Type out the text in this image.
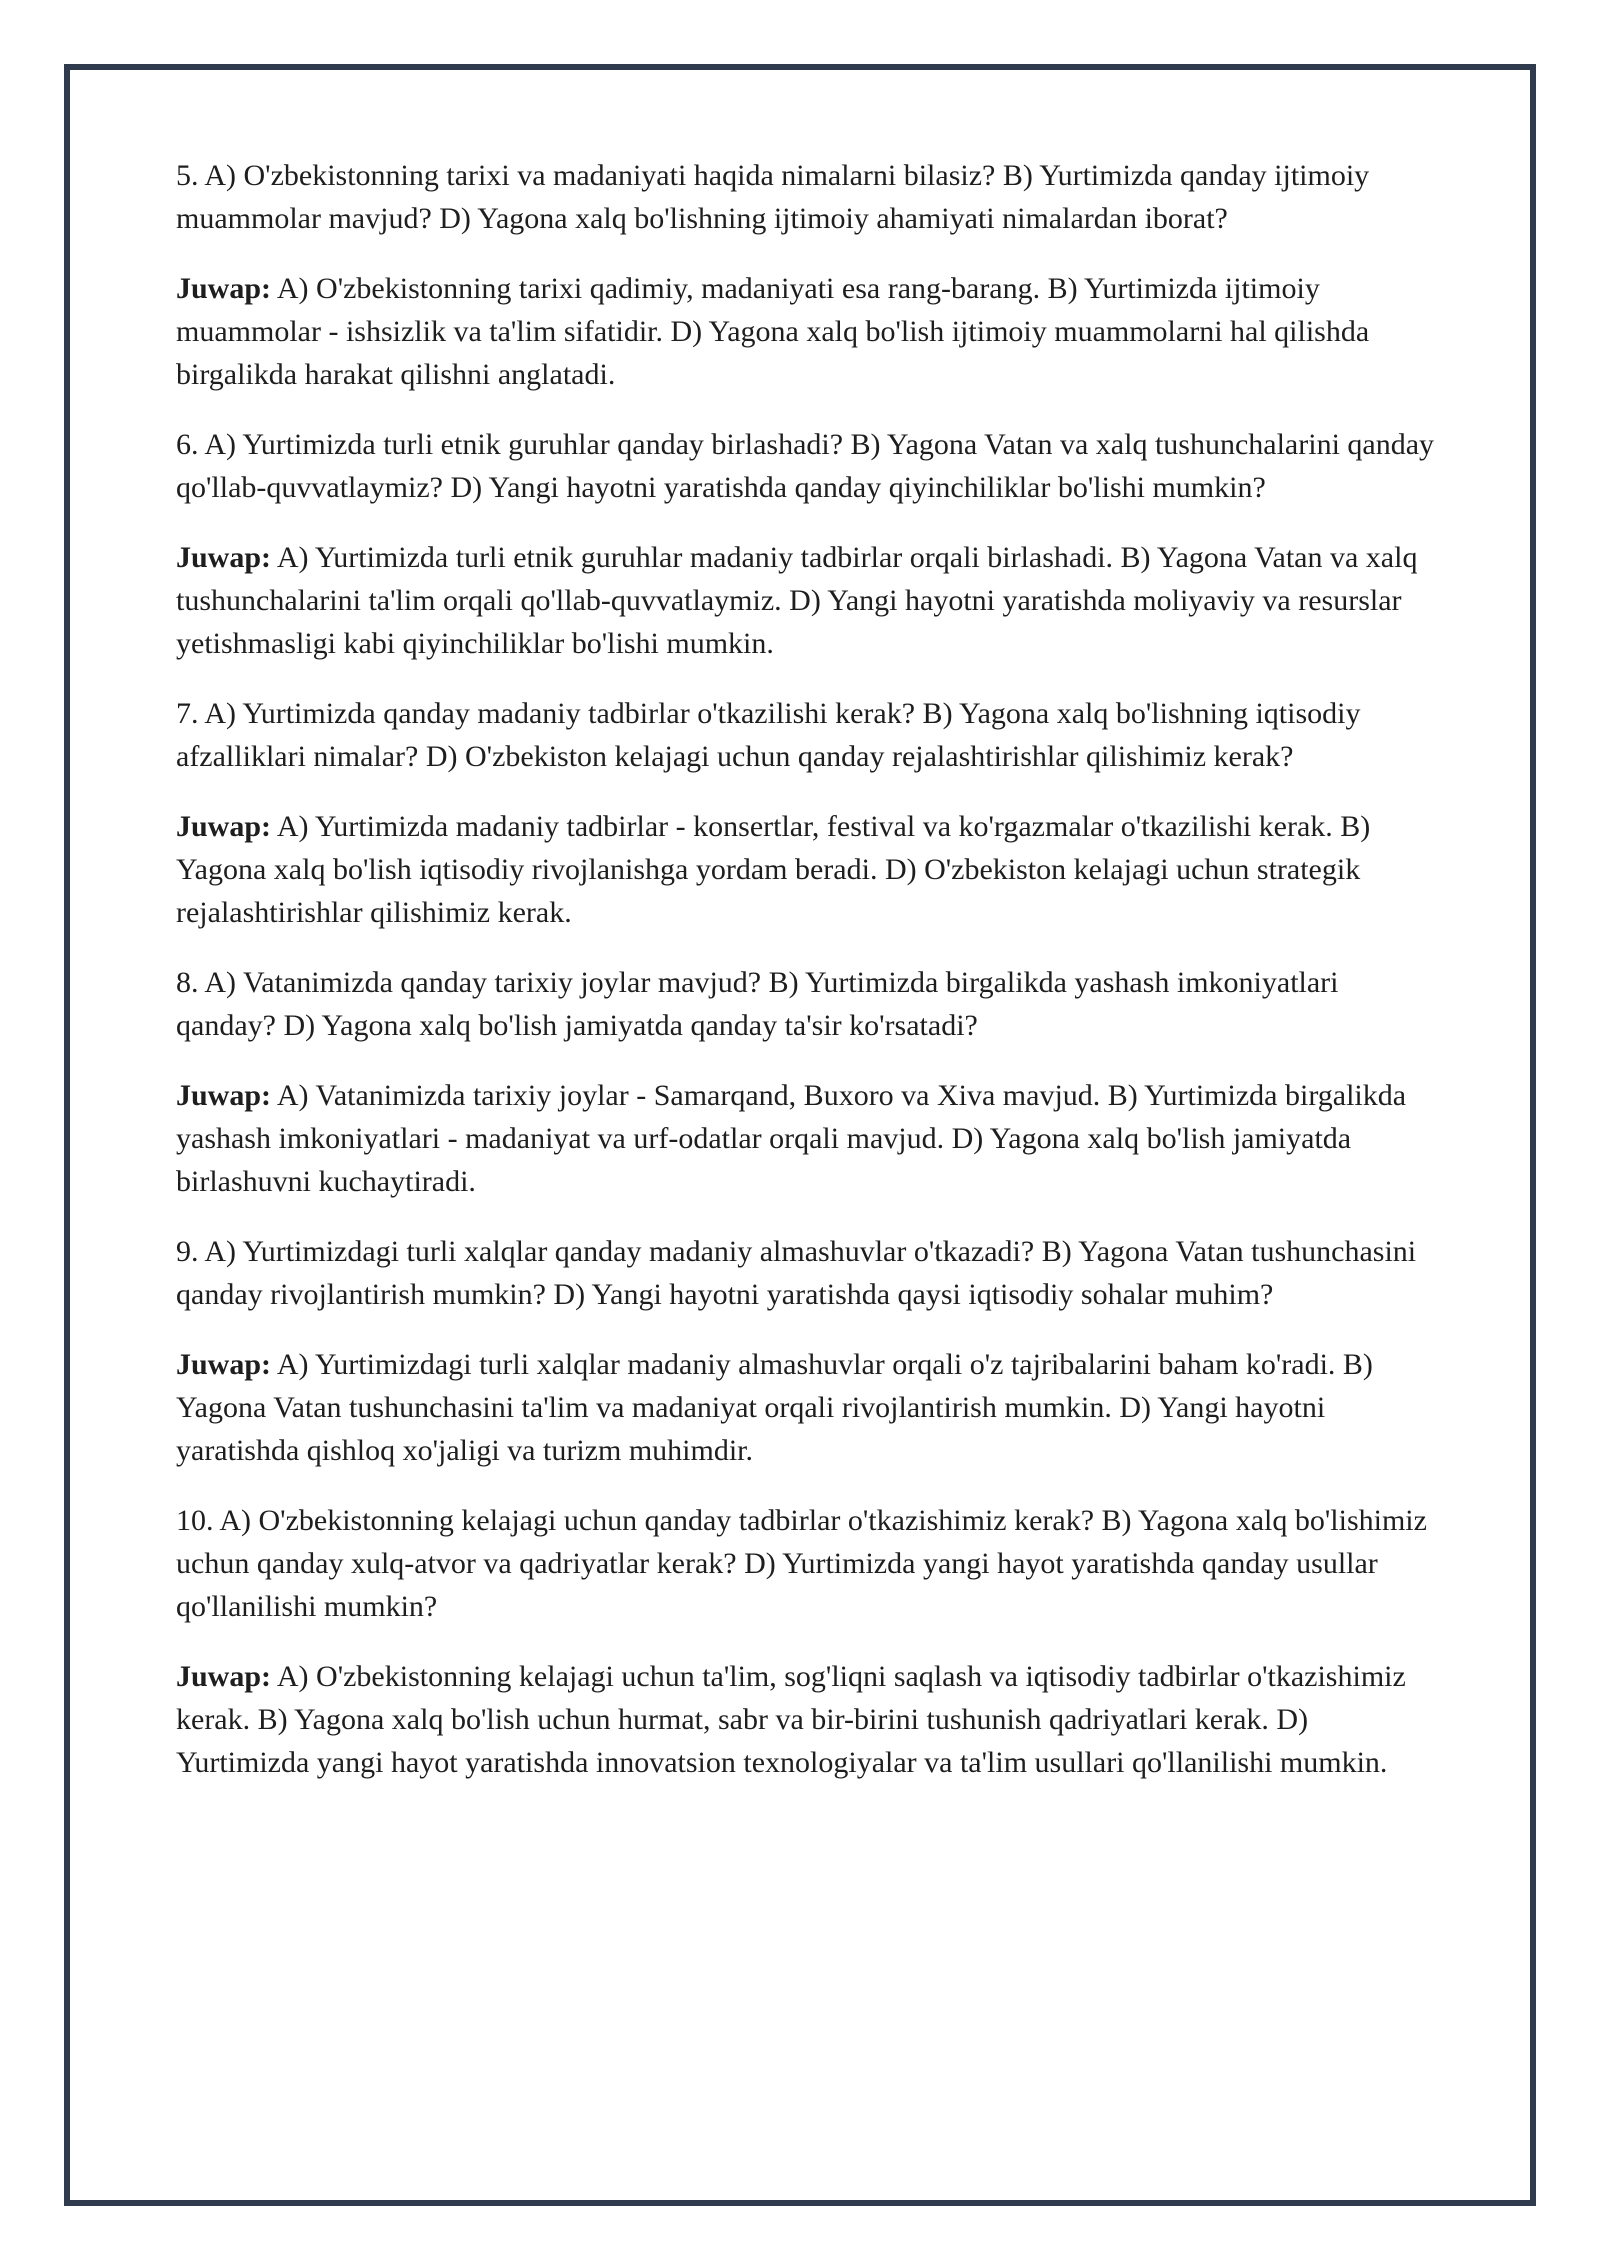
5. A) O'zbekistonning tarixi va madaniyati haqida nimalarni bilasiz? B) Yurtimizda qanday ijtimoiy muammolar mavjud? D) Yagona xalq bo'lishning ijtimoiy ahamiyati nimalardan iborat?

Juwap: A) O'zbekistonning tarixi qadimiy, madaniyati esa rang-barang. B) Yurtimizda ijtimoiy muammolar - ishsizlik va ta'lim sifatidir. D) Yagona xalq bo'lish ijtimoiy muammolarni hal qilishda birgalikda harakat qilishni anglatadi.

6. A) Yurtimizda turli etnik guruhlar qanday birlashadi? B) Yagona Vatan va xalq tushunchalarini qanday qo'llab-quvvatlaymiz? D) Yangi hayotni yaratishda qanday qiyinchiliklar bo'lishi mumkin?

Juwap: A) Yurtimizda turli etnik guruhlar madaniy tadbirlar orqali birlashadi. B) Yagona Vatan va xalq tushunchalarini ta'lim orqali qo'llab-quvvatlaymiz. D) Yangi hayotni yaratishda moliyaviy va resurslar yetishmasligi kabi qiyinchiliklar bo'lishi mumkin.

7. A) Yurtimizda qanday madaniy tadbirlar o'tkazilishi kerak? B) Yagona xalq bo'lishning iqtisodiy afzalliklari nimalar? D) O'zbekiston kelajagi uchun qanday rejalashtirishlar qilishimiz kerak?

Juwap: A) Yurtimizda madaniy tadbirlar - konsertlar, festival va ko'rgazmalar o'tkazilishi kerak. B) Yagona xalq bo'lish iqtisodiy rivojlanishga yordam beradi. D) O'zbekiston kelajagi uchun strategik rejalashtirishlar qilishimiz kerak.

8. A) Vatanimizda qanday tarixiy joylar mavjud? B) Yurtimizda birgalikda yashash imkoniyatlari qanday? D) Yagona xalq bo'lish jamiyatda qanday ta'sir ko'rsatadi?

Juwap: A) Vatanimizda tarixiy joylar - Samarqand, Buxoro va Xiva mavjud. B) Yurtimizda birgalikda yashash imkoniyatlari - madaniyat va urf-odatlar orqali mavjud. D) Yagona xalq bo'lish jamiyatda birlashuvni kuchaytiradi.

9. A) Yurtimizdagi turli xalqlar qanday madaniy almashuvlar o'tkazadi? B) Yagona Vatan tushunchasini qanday rivojlantirish mumkin? D) Yangi hayotni yaratishda qaysi iqtisodiy sohalar muhim?

Juwap: A) Yurtimizdagi turli xalqlar madaniy almashuvlar orqali o'z tajribalarini baham ko'radi. B) Yagona Vatan tushunchasini ta'lim va madaniyat orqali rivojlantirish mumkin. D) Yangi hayotni yaratishda qishloq xo'jaligi va turizm muhimdir.

10. A) O'zbekistonning kelajagi uchun qanday tadbirlar o'tkazishimiz kerak? B) Yagona xalq bo'lishimiz uchun qanday xulq-atvor va qadriyatlar kerak? D) Yurtimizda yangi hayot yaratishda qanday usullar qo'llanilishi mumkin?

Juwap: A) O'zbekistonning kelajagi uchun ta'lim, sog'liqni saqlash va iqtisodiy tadbirlar o'tkazishimiz kerak. B) Yagona xalq bo'lish uchun hurmat, sabr va bir-birini tushunish qadriyatlari kerak. D) Yurtimizda yangi hayot yaratishda innovatsion texnologiyalar va ta'lim usullari qo'llanilishi mumkin.
